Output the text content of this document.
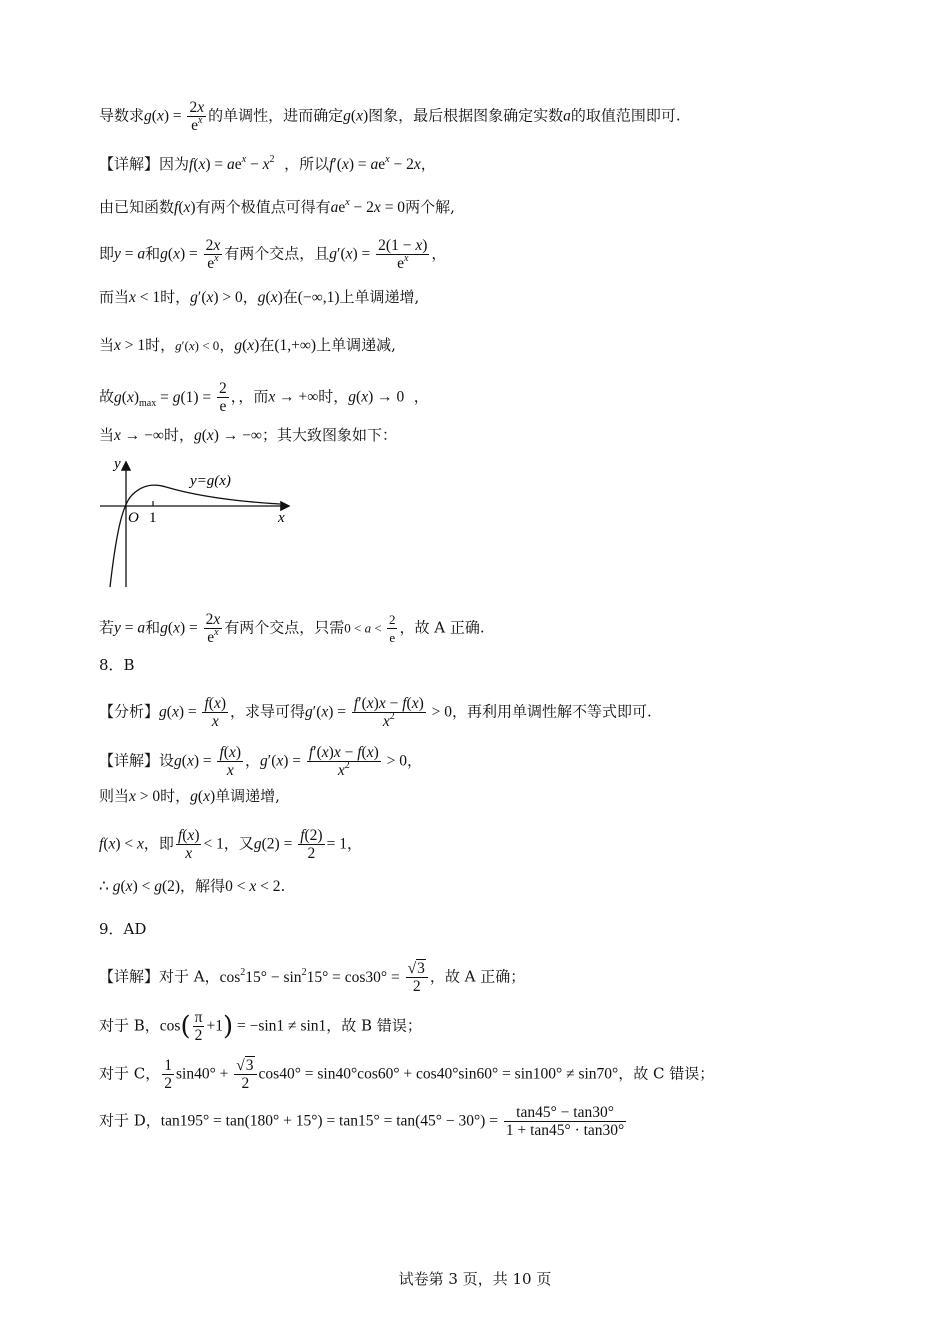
导数求$g(x) = \frac{2x}{e^x}$ 的单调性，进而确定g(x)图象，最后根据图象确定实数a的取值范围即可.
【详解】因为$f(x) = ae^x - x^2$ ，所以$f'(x) = ae^x - 2x$，
由已知函数f(x)有两个极值点可得有$ae^x - 2x = 0$两个解,
即y = a和$g(x) = \frac{2x}{e^x}$ 有两个交点，且$g'(x) = \frac{2(1 - x)}{e^x}$ ，
而当x < 1时，g′(x) > 0，g(x)在(−∞,1)上单调递增,
当x > 1时，g′(x) < 0，g(x)在(1,+∞)上单调递减,
故$g(x)_{max} = g(1) = \frac{2}{e}$ ，，而x → +∞时，g(x) → 0  ，
当x → −∞时，g(x) → −∞；其大致图象如下：
y
x
O 1
y=g(x)
若y = a和$g(x) = \frac{2x}{e^x}$ 有两个交点，只需$0 < a < \frac{2}{e}$ ，故 A 正确.
8．B
【分析】$g(x) = \frac{f(x)}{x}$ ，求导可得$g'(x) = \frac{f'(x)x - f(x)}{x^2} > 0$，再利用单调性解不等式即可.
【详解】设$g(x) = \frac{f(x)}{x}$ ，$g'(x) = \frac{f'(x)x - f(x)}{x^2} > 0$，
则当x > 0时，g(x)单调递增,
f(x) < x，即 $\frac{f(x)}{x} < 1$，又$g(2) = \frac{f(2)}{2} = 1$，
∴ g(x) < g(2)，解得0 < x < 2.
9．AD
【详解】对于 A，$\cos^215^\circ - \sin^215^\circ = \cos 30^\circ = \frac{√3}{2}$ ，故 A 正确；
对于 B，$\cos( \frac{\pi}{2} +1) = -\sin 1 \ne \sin 1$，故 B 错误；
对于 C， $\frac{1}{2} \sin 40^\circ + \frac{√3}{2} \cos 40^\circ = \sin 40^\circ\cos 60^\circ + \cos 40^\circ\sin 60^\circ = \sin 100^\circ \ne \sin 70^\circ$，故 C 错误；
对于 D，$\tan 195^\circ = \tan(180^\circ + 15^\circ) = \tan 15^\circ = \tan(45^\circ - 30^\circ) = \frac{\tan 45^\circ - \tan 30^\circ}{1 + \tan 45^\circ \cdot \tan 30^\circ}$
试卷第 3 页，共 10 页
